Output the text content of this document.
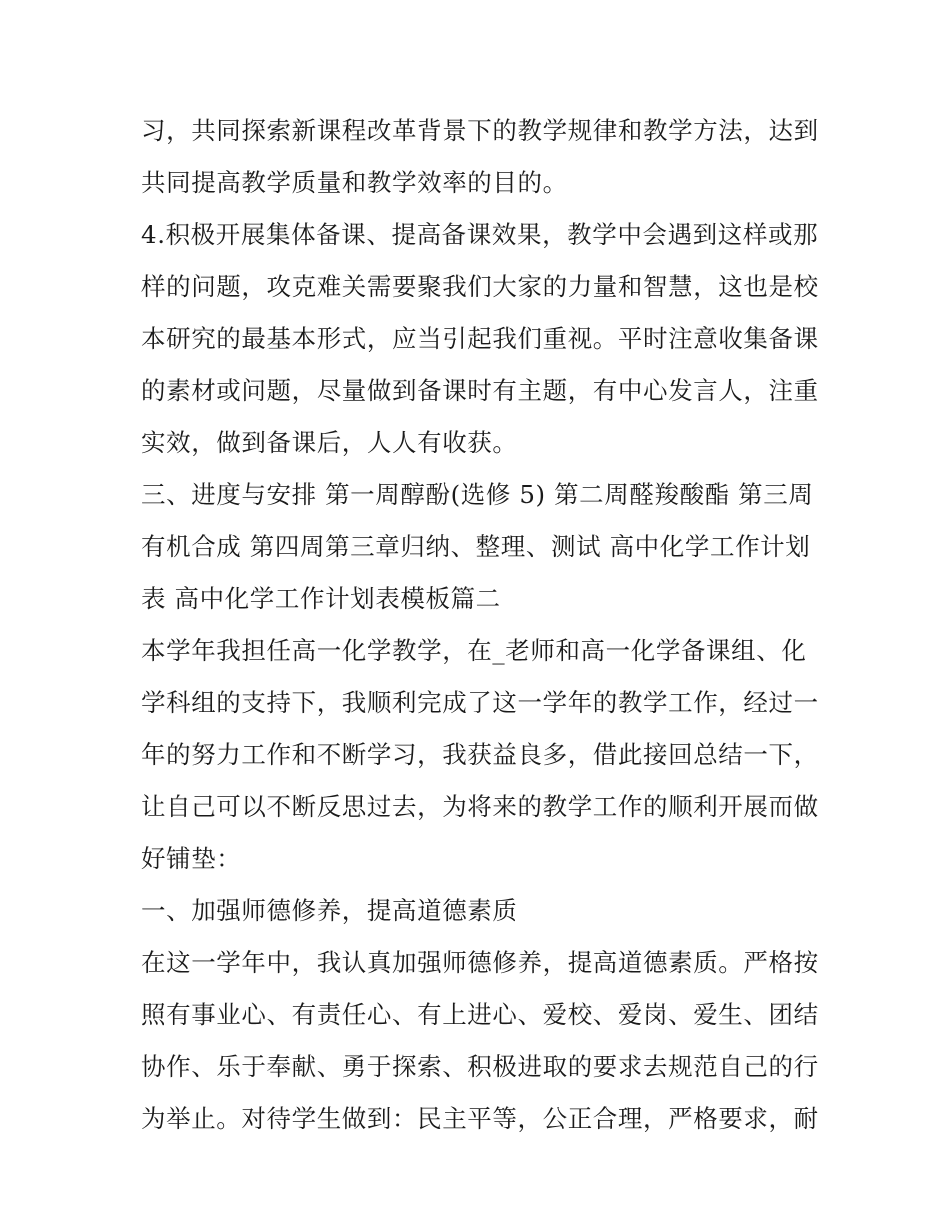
习，共同探索新课程改革背景下的教学规律和教学方法，达到
共同提高教学质量和教学效率的目的。
4.积极开展集体备课、提高备课效果，教学中会遇到这样或那
样的问题，攻克难关需要聚我们大家的力量和智慧，这也是校
本研究的最基本形式，应当引起我们重视。平时注意收集备课
的素材或问题，尽量做到备课时有主题，有中心发言人，注重
实效，做到备课后，人人有收获。
三、进度与安排 第一周醇酚(选修 5) 第二周醛羧酸酯 第三周
有机合成 第四周第三章归纳、整理、测试 高中化学工作计划
表 高中化学工作计划表模板篇二
本学年我担任高一化学教学，在_老师和高一化学备课组、化
学科组的支持下，我顺利完成了这一学年的教学工作，经过一
年的努力工作和不断学习，我获益良多，借此接回总结一下，
让自己可以不断反思过去，为将来的教学工作的顺利开展而做
好铺垫：
一、加强师德修养，提高道德素质
在这一学年中，我认真加强师德修养，提高道德素质。严格按
照有事业心、有责任心、有上进心、爱校、爱岗、爱生、团结
协作、乐于奉献、勇于探索、积极进取的要求去规范自己的行
为举止。对待学生做到：民主平等，公正合理，严格要求，耐
